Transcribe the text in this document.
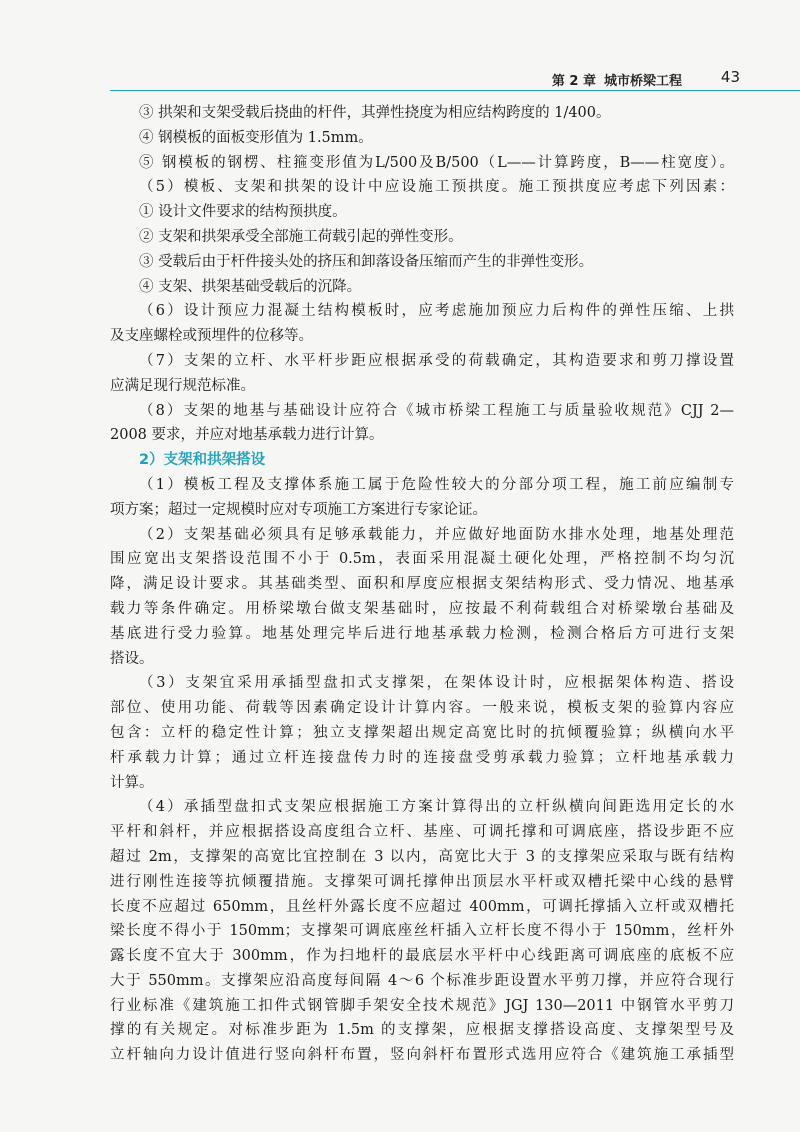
第 2 章 城市桥梁工程	43
③ 拱架和支架受载后挠曲的杆件，其弹性挠度为相应结构跨度的 1/400。
④ 钢模板的面板变形值为 1.5mm。
⑤ 钢模板的钢楞、柱箍变形值为L/500及B/500（L——计算跨度，B——柱宽度）。
（5）模板、支架和拱架的设计中应设施工预拱度。施工预拱度应考虑下列因素：
① 设计文件要求的结构预拱度。
② 支架和拱架承受全部施工荷载引起的弹性变形。
③ 受载后由于杆件接头处的挤压和卸落设备压缩而产生的非弹性变形。
④ 支架、拱架基础受载后的沉降。
（6）设计预应力混凝土结构模板时，应考虑施加预应力后构件的弹性压缩、上拱
及支座螺栓或预埋件的位移等。
（7）支架的立杆、水平杆步距应根据承受的荷载确定，其构造要求和剪刀撑设置
应满足现行规范标准。
（8）支架的地基与基础设计应符合《城市桥梁工程施工与质量验收规范》CJJ 2—
2008 要求，并应对地基承载力进行计算。
2）支架和拱架搭设
（1）模板工程及支撑体系施工属于危险性较大的分部分项工程，施工前应编制专
项方案；超过一定规模时应对专项施工方案进行专家论证。
（2）支架基础必须具有足够承载能力，并应做好地面防水排水处理，地基处理范
围应宽出支架搭设范围不小于 0.5m，表面采用混凝土硬化处理，严格控制不均匀沉
降，满足设计要求。其基础类型、面积和厚度应根据支架结构形式、受力情况、地基承
载力等条件确定。用桥梁墩台做支架基础时，应按最不利荷载组合对桥梁墩台基础及
基底进行受力验算。地基处理完毕后进行地基承载力检测，检测合格后方可进行支架
搭设。
（3）支架宜采用承插型盘扣式支撑架，在架体设计时，应根据架体构造、搭设
部位、使用功能、荷载等因素确定设计计算内容。一般来说，模板支架的验算内容应
包含：立杆的稳定性计算；独立支撑架超出规定高宽比时的抗倾覆验算；纵横向水平
杆承载力计算；通过立杆连接盘传力时的连接盘受剪承载力验算；立杆地基承载力
计算。
（4）承插型盘扣式支架应根据施工方案计算得出的立杆纵横向间距选用定长的水
平杆和斜杆，并应根据搭设高度组合立杆、基座、可调托撑和可调底座，搭设步距不应
超过 2m，支撑架的高宽比宜控制在 3 以内，高宽比大于 3 的支撑架应采取与既有结构
进行刚性连接等抗倾覆措施。支撑架可调托撑伸出顶层水平杆或双槽托梁中心线的悬臂
长度不应超过 650mm，且丝杆外露长度不应超过 400mm，可调托撑插入立杆或双槽托
梁长度不得小于 150mm；支撑架可调底座丝杆插入立杆长度不得小于 150mm，丝杆外
露长度不宜大于 300mm，作为扫地杆的最底层水平杆中心线距离可调底座的底板不应
大于 550mm。支撑架应沿高度每间隔 4～6 个标准步距设置水平剪刀撑，并应符合现行
行业标准《建筑施工扣件式钢管脚手架安全技术规范》JGJ 130—2011 中钢管水平剪刀
撑的有关规定。对标准步距为 1.5m 的支撑架，应根据支撑搭设高度、支撑架型号及
立杆轴向力设计值进行竖向斜杆布置，竖向斜杆布置形式选用应符合《建筑施工承插型
